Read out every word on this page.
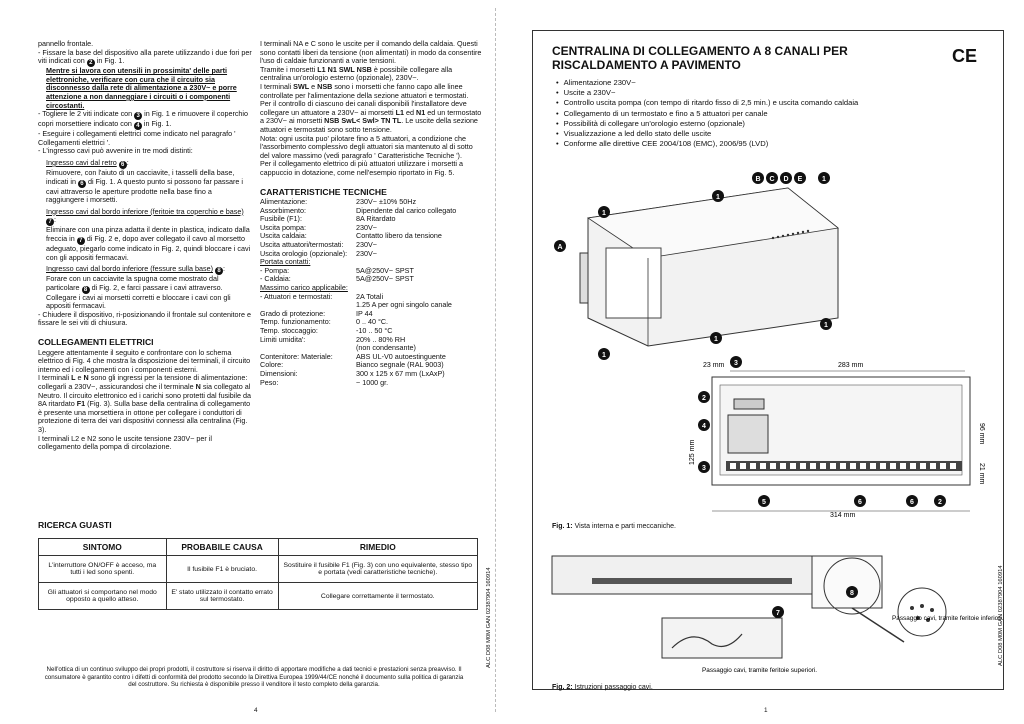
pannello frontale.

- Fissare la base del dispositivo alla parete utilizzando i due fori per viti indicati con 2 in Fig. 1.

Mentre si lavora con utensili in prossimita' delle parti elettroniche, verificare con cura che il circuito sia disconnesso dalla rete di alimentazione a 230V~ e porre attenzione a non danneggiare i circuiti o i componenti circostanti.

- Togliere le 2 viti indicate con 3 in Fig. 1 e rimuovere il coperchio copri morsettiere indicato con 4 in Fig. 1.

- Eseguire i collegamenti elettrici come indicato nel paragrafo ' Collegamenti elettrici '.

- L'ingresso cavi può avvenire in tre modi distinti:

Ingresso cavi dal retro 6 :

Rimuovere, con l'aiuto di un cacciavite, i tasselli della base, indicati in 6 di Fig. 1. A questo punto si possono far passare i cavi attraverso le aperture prodotte nella base fino a raggiungere i morsetti.

Ingresso cavi dal bordo inferiore (feritoie tra coperchio e base) 7 :

Eliminare con una pinza adatta il dente in plastica, indicato dalla freccia in 7 di Fig. 2 e, dopo aver collegato il cavo al morsetto adeguato, piegarlo come indicato in Fig. 2, quindi bloccare i cavi con gli appositi fermacavi.

Ingresso cavi dal bordo inferiore (fessure sulla base) 8 :

Forare con un cacciavite la spugna come mostrato dal particolare 8 di Fig. 2, e farci passare i cavi attraverso. Collegare i cavi ai morsetti corretti e bloccare i cavi con gli appositi fermacavi.

- Chiudere il dispositivo, ri-posizionando il frontale sul contenitore e fissare le sei viti di chiusura.

COLLEGAMENTI ELETTRICI

Leggere attentamente il seguito e confrontare con lo schema elettrico di Fig. 4 che mostra la disposizione dei terminali, il circuito interno ed i collegamenti con i componenti esterni.

I terminali L e N sono gli ingressi per la tensione di alimentazione: collegarli a 230V~, assicurandosi che il terminale N sia collegato al Neutro. Il circuito elettronico ed i carichi sono protetti dal fusibile da 8A ritardato F1 (Fig. 3). Sulla base della centralina di collegamento è presente una morsettiera in ottone per collegare i conduttori di protezione di terra dei vari dispositivi connessi alla centralina (Fig. 3).

I terminali L2 e N2 sono le uscite tensione 230V~ per il collegamento della pompa di circolazione.

I terminali NA e C sono le uscite per il comando della caldaia. Questi sono contatti liberi da tensione (non alimentati) in modo da consentire l'uso di caldaie funzionanti a varie tensioni.

Tramite i morsetti L1 N1 SWL NSB è possibile collegare alla centralina un'orologio esterno (opzionale), 230V~.

I terminali SWL e NSB sono i morsetti che fanno capo alle linee controllate per l'alimentazione della sezione attuatori e termostati.

Per il controllo di ciascuno dei canali disponibili l'installatore deve collegare un attuatore a 230V~ ai morsetti L1 ed N1 ed un termostato a 230V~ ai morsetti NSB SwL< Swl> TN TL. Le uscite della sezione attuatori e termostati sono sotto tensione.

Nota: ogni uscita puo' pilotare fino a 5 attuatori, a condizione che l'assorbimento complessivo degli attuatori sia mantenuto al di sotto del valore massimo (vedi paragrafo ' Caratteristiche Tecniche ').

Per il collegamento elettrico di più attuatori utilizzare i morsetti a cappuccio in dotazione, come nell'esempio riportato in Fig. 5.

CARATTERISTICHE TECNICHE
Alimentazione:	230V~ ±10% 50Hz
Assorbimento:	Dipendente dal carico collegato
Fusibile (F1):	8A Ritardato
Uscita pompa:	230V~
Uscita caldaia:	Contatto libero da tensione
Uscita attuatori/termostati:	230V~
Uscita orologio (opzionale):	230V~

Portata contatti:

- Pompa:	5A@250V~ SPST
- Caldaia:	5A@250V~ SPST

Massimo carico applicabile:

- Attuatori e termostati:	2A Totali
1.25 A per ogni singolo canale
Grado di protezione:	IP 44
Temp. funzionamento:	0 .. 40 °C.
Temp. stoccaggio:	-10 .. 50 °C
Limiti umidita':	20% .. 80% RH
(non condensante)
Contenitore: Materiale:	ABS UL-V0 autoestinguente
Colore:	Bianco segnale (RAL 9003)
Dimensioni:	300 x 125 x 67 mm (LxAxP)
Peso:	~ 1000 gr.
RICERCA GUASTI
SINTOMO	PROBABILE CAUSA	RIMEDIO
L'interruttore ON/OFF è acceso, ma tutti i led sono spenti.	Il fusibile F1 è bruciato.	Sostituire il fusibile F1 (Fig. 3) con uno equivalente, stesso tipo e portata (vedi caratteristiche tecniche).
Gli attuatori si comportano nel modo opposto a quello atteso.	E' stato utilizzato il contatto errato sul termostato.	Collegare correttamente il termostato.
Nell'ottica di un continuo sviluppo dei propri prodotti, il costruttore si riserva il diritto di apportare modifiche a dati tecnici e prestazioni senza preavviso. Il consumatore è garantito contro i difetti di conformità del prodotto secondo la Direttiva Europea 1999/44/CE nonché il documento sulla politica di garanzia del costruttore. Su richiesta è disponibile presso il venditore il testo completo della garanzia.
ALC D08 M0M GAN 02387904 160914
4
CENTRALINA DI COLLEGAMENTO A 8 CANALI PER RISCALDAMENTO A PAVIMENTO	CE
• Alimentazione 230V~
• Uscite a 230V~
• Controllo uscita pompa (con tempo di ritardo fisso di 2,5 min.) e uscita comando caldaia
• Collegamento di un termostato e fino a 5 attuatori per canale
• Possibilità di collegare un'orologio esterno (opzionale)
• Visualizzazione a led dello stato delle uscite
• Conforme alle direttive CEE 2004/108 (EMC), 2006/95 (LVD)
B C D E	1
1
1
A
1
1
1
23 mm	283 mm
3
125 mm
96 mm
21 mm
2
4
3
5	6	6	2
314 mm
Fig. 1: Vista interna e parti meccaniche.
8
Passaggio cavi, tramite feritoie inferiori.
7
Passaggio cavi, tramite feritoie superiori.
Fig. 2: Istruzioni passaggio cavi.
ALC D08 M0M GAN 02387904 160914
1
